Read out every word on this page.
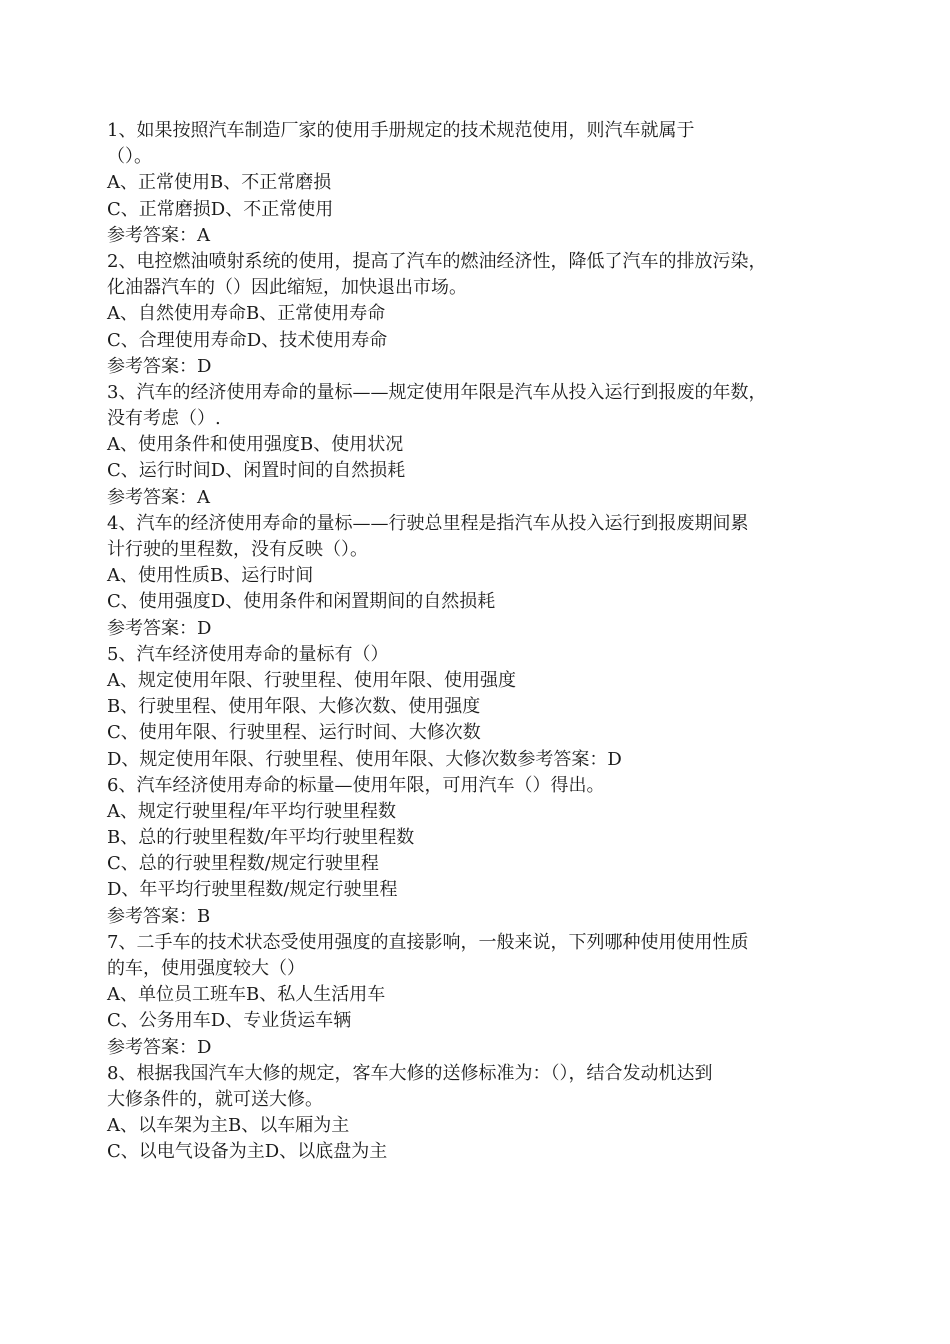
1、如果按照汽车制造厂家的使用手册规定的技术规范使用，则汽车就属于
（）。
A、正常使用B、不正常磨损
C、正常磨损D、不正常使用
参考答案：A
2、电控燃油喷射系统的使用，提高了汽车的燃油经济性，降低了汽车的排放污染，
化油器汽车的（）因此缩短，加快退出市场。
A、自然使用寿命B、正常使用寿命
C、合理使用寿命D、技术使用寿命
参考答案：D
3、汽车的经济使用寿命的量标——规定使用年限是汽车从投入运行到报废的年数，
没有考虑（）.
A、使用条件和使用强度B、使用状况
C、运行时间D、闲置时间的自然损耗
参考答案：A
4、汽车的经济使用寿命的量标——行驶总里程是指汽车从投入运行到报废期间累
计行驶的里程数，没有反映（）。
A、使用性质B、运行时间
C、使用强度D、使用条件和闲置期间的自然损耗
参考答案：D
5、汽车经济使用寿命的量标有（）
A、规定使用年限、行驶里程、使用年限、使用强度
B、行驶里程、使用年限、大修次数、使用强度
C、使用年限、行驶里程、运行时间、大修次数
D、规定使用年限、行驶里程、使用年限、大修次数参考答案：D
6、汽车经济使用寿命的标量—使用年限，可用汽车（）得出。
A、规定行驶里程/年平均行驶里程数
B、总的行驶里程数/年平均行驶里程数
C、总的行驶里程数/规定行驶里程
D、年平均行驶里程数/规定行驶里程
参考答案：B
7、二手车的技术状态受使用强度的直接影响，一般来说，下列哪种使用使用性质
的车，使用强度较大（）
A、单位员工班车B、私人生活用车
C、公务用车D、专业货运车辆
参考答案：D
8、根据我国汽车大修的规定，客车大修的送修标准为：（），结合发动机达到
大修条件的，就可送大修。
A、以车架为主B、以车厢为主
C、以电气设备为主D、以底盘为主
